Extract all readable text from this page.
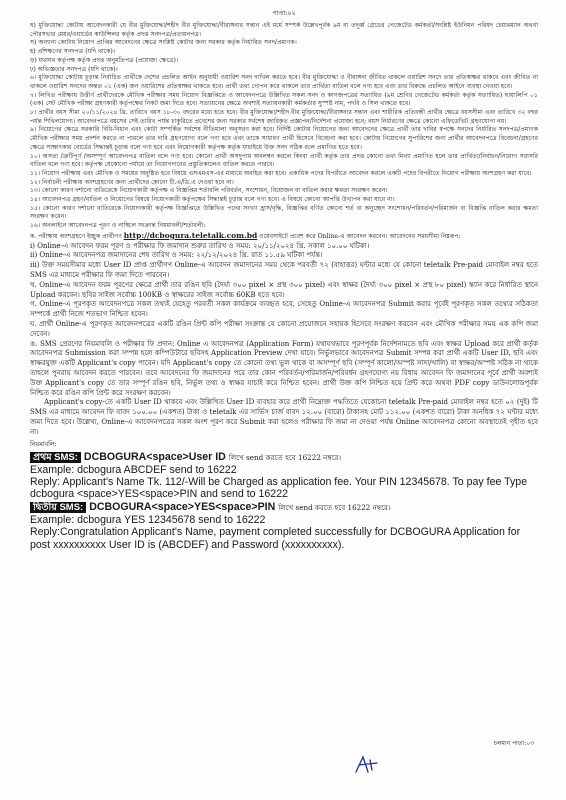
পাতা:০২

ষ) মুক্তিযোদ্ধা কোটায় আবেদনকারী যে বীর মুক্তিযোদ্ধা/শহীদ বীর মুক্তিযোদ্ধা/বীরাঙ্গনার সন্তান এই মর্মে সম্পর্ক উল্লেখপূর্বক ৯ম বা তদূর্ধ্ব গ্রেডের গেজেটেড কর্মকর্তা/সংশ্লিষ্ট ইউনিয়ন পরিষদ চেয়ারম্যান অথবা পৌরসভার মেয়র/ওয়ার্ডের কাউন্সিলর কর্তৃক প্রদত্ত সনদপত্র/প্রত্যয়নপত্র।

স) অন্যান্য কোটায় নিয়োগ প্রাপ্তির আবেদনের ক্ষেত্রে সংশ্লিষ্ট কোটার জন্য সরকার কর্তৃক নির্ধারিত সনদ/প্রমাণক।

হ) প্রশিক্ষণের সনদপত্র (যদি থাকে)।

ড়) যথাযথ কর্তৃপক্ষ কর্তৃক প্রদত্ত অনুমতিপত্র (প্রযোজ্য ক্ষেত্রে)।

ঢ়) অভিজ্ঞতার সনদপত্র (যদি থাকে)।

৬। মুক্তিযোদ্ধা কোটায় চূড়ান্ত নির্বাচিত প্রার্থীকে দেশের প্রচলিত আইন অনুযায়ী ওয়ারিশ সনদ দাখিল করতে হবে। বীর মুক্তিযোদ্ধা ও বীরাঙ্গনা জীবিত থাকলে ওয়ারিশ সনদে তার প্রতিস্বাক্ষর থাকবে এবং জীবিত না থাকলে ওয়ারিশ সনদের অন্তত ০১ (এক) জন ওয়ারিশের প্রতিস্বাক্ষর থাকতে হবে। প্রার্থী তথ্য গোপন করে থাকলে তার প্রার্থিতা বাতিল বলে গণ্য হবে এবং তার বিরুদ্ধে প্রচলিত আইনে ব্যবস্থা নেওয়া হবে।

৭। লিখিত পরীক্ষায় উত্তীর্ণ প্রার্থীদেরকে মৌখিক পরীক্ষার সময় নিয়োগ বিজ্ঞপ্তিতে ও আবেদনপত্রে উল্লিখিত সকল সনদ ও কাগজপত্রের সত্যায়িত (৯ম শ্রেণির গেজেটেড কর্মকর্তা কর্তৃক সত্যায়িত) ছায়ালিপি ০১ (এক) সেট মৌখিক পরীক্ষা গ্রহণকারী কর্তৃপক্ষের নিকট জমা দিতে হবে। সত্যায়নের ক্ষেত্রে অবশ্যই সত্যায়নকারী কর্মকর্তার সুস্পষ্ট নাম, পদবি ও সিল থাকতে হবে।

৮। প্রার্থীর বয়স সীমা ২০/১১/২০২৪ খ্রি. তারিখে বয়স ১৮-৩০ বছরের মধ্যে হতে হবে। বীর মুক্তিযোদ্ধা/শহীদ বীর মুক্তিযোদ্ধা/বীরাঙ্গনার সন্তান এবং শারীরিক প্রতিবন্ধী প্রার্থীর ক্ষেত্রে বয়সসীমা এবং তারিখে ৩২ বছর পর্যন্ত শিথিলযোগ্য। আবেদনপত্রে বয়সের সেই তারিখ পর্যন্ত চাকুরিতে প্রবেশের জন্য সরকার সর্বশেষ জারিকৃত প্রজ্ঞাপন/নির্দেশনা প্রযোজ্য হবে; বয়স নির্ধারণের ক্ষেত্রে কোনো এফিডেভিট গ্রহণযোগ্য নয়।

৯। নিয়োগের ক্ষেত্রে সরকারি বিধি-বিধান এবং কোটা সম্পর্কিত সর্বশেষ নীতিমালা অনুসরণ করা হবে। নির্দিষ্ট কোটায় নিয়োগের জন্য আবেদনের ক্ষেত্রে প্রার্থী তার দাবির স্বপক্ষে সনদের নির্ধারিত সনদপত্র/প্রমাণক মৌখিক পরীক্ষার সময় প্রদর্শন করতে না পারলে তার দাবি গ্রহণযোগ্য বলে গণ্য হবে এবং তাকে সাধারণ প্রার্থী হিসেবে বিবেচনা করা হবে। কোটায় নিয়োগের সুপারিশের জন্য প্রার্থীর আবেদনপত্রে বিবেচনা/গ্রহণের ক্ষেত্রে সাক্ষাৎকার বোর্ডের সিদ্ধান্তই চূড়ান্ত বলে গণ্য হবে এবং নিয়োগকারী কর্তৃপক্ষ কর্তৃক যাচাইয়ে উক্ত সনদ সঠিক বলে প্রমাণিত হতে হবে।

১০। অসত্য /ত্রুটিপূর্ণ /অসম্পূর্ণ আবেদনপত্র বাতিল বলে গণ্য হবে। কোনো প্রার্থী অসদুপায় অবলম্বন করলে কিংবা প্রার্থী কর্তৃক তার প্রদত্ত কোনো তথ্য মিথ্যা প্রমাণিত হলে তার প্রার্থিতা/নির্বাচন/নিয়োগ সরাসরি বাতিল বলে গণ্য হবে। কর্তৃপক্ষ যেকোনো পর্যায়ে তা নিয়োগদানের প্রস্তুতিকালেও বাতিল করতে পারবে।

১১। নিয়োগ পরীক্ষায় এবং মৌখিক ও সময়ের অনুষ্ঠিত হবে বিষয়ে এসএমএস-এর মাধ্যমে অবহিত করা হবে। একাধিক পদের বিপরীতে আবেদন করলে একটি পদের বিপরীতে নিয়োগ পরীক্ষায় অংশগ্রহণ করা যাবে।

১২। নির্বাচনী পরীক্ষায় অংশগ্রহণের জন্য প্রার্থীদের কোনো টি.এ/ডি.এ দেওয়া হবে না।

১৩। কোনো কারণ দর্শানো ব্যতিরেকে নিয়োগকারী কর্তৃপক্ষ এ বিজ্ঞপ্তির শর্তাবলি পরিবর্তন, সংশোধন, বিয়োজন বা বাতিল করার ক্ষমতা সংরক্ষণ করেন।

১৪। আবেদনপত্র গ্রহণ/বাতিল ও নিয়োগের বিষয়ে নিয়োগকারী কর্তৃপক্ষের সিদ্ধান্তই চূড়ান্ত বলে গণ্য হবে। এ বিষয়ে কোনো আপত্তি উত্থাপন করা যাবে না।

১৫। কোনো কারণ দর্শানো ব্যতিরেকে নিয়োগকারী কর্তৃপক্ষ বিজ্ঞপ্তিতে উল্লিখিত পদের সংখ্যা হ্রাস/বৃদ্ধি, বিজ্ঞপ্তির বর্ণিত কোনো শর্ত বা অনুচ্ছেদ সংশোধন/পরিবর্তন/পরিমার্জন বা বিজ্ঞপ্তি বাতিল করার ক্ষমতা সংরক্ষণ করেন।

১৬। অনলাইনে আবেদনপত্র পূরণ ও নাম্বিলে সংক্রান্ত নিয়মাবলী/শর্তাবলী:

ক. পরীক্ষায় অংশগ্রহণে ইচ্ছুক প্রার্থীগণ http://dcbogura.teletalk.com.bd ওয়েবসাইটে প্রবেশ করে Online-এ আবেদন করবেন। আবেদনের সময়সীমা নিম্নরূপ:

i) Online-এ আবেদন ফরম পূরণ ও পরীক্ষার ফি জমাদান শুরুর তারিখ ও সময়: ২০/১১/২০২৪ খ্রি. সকাল ১০.০০ ঘটিকা।

ii) Online-এ আবেদনপত্র জমাদানের শেষ তারিখ ও সময়: ২২/১২/২০২৪ খ্রি. রাত ১১.৫৯ ঘটিকা পর্যন্ত।

iii) উক্ত সময়সীমার মধ্যে User ID প্রাপ্ত প্রার্থীগণ Online-এ আবেদন জমাদানের সময় থেকে পরবর্তী ৭২ (বাহাত্তর) ঘন্টার মধ্যে যে কোনো teletalk Pre-paid মোবাইল নম্বর হতে SMS এর মাধ্যমে পরীক্ষার ফি জমা দিতে পারবেন।

খ. Online-এ আবেদন ফরম পূরণের ক্ষেত্রে প্রার্থী তার রঙিন ছবি (দৈর্ঘ্য ৩০০ pixel × প্রস্থ ৩০০ pixel) এবং স্বাক্ষর (দৈর্ঘ্য ৩০০ pixel × প্রস্থ ৮০ pixel) স্ক্যান করে নির্ধারিত স্থানে Upload করবেন। ছবির সাইজ সর্বোচ্চ 100KB ও স্বাক্ষরের সাইজ সর্বোচ্চ 60KB হতে হবে।

গ. Online-এ পূরণকৃত আবেদনপত্রে সকল তথ্যই যেহেতু পরবর্তী সকল কার্যক্রমে ব্যবহৃত হবে, সেহেতু Online-এ আবেদনপত্র Submit করার পূর্বেই পূরণকৃত সকল তথ্যের সঠিকতা সম্পর্কে প্রার্থী নিজে শতভাগ নিশ্চিত হবেন।

ঘ. প্রার্থী Online-এ পূরণকৃত আবেদনপত্রের একটি রঙিন প্রিন্ট কপি পরীক্ষা সংক্রান্ত যে কোনো প্রয়োজনে সহায়ক হিসেবে সংরক্ষণ করবেন এবং মৌখিক পরীক্ষার সময় এক কপি জমা দেবেন।

ঙ. SMS প্রেরণের নিয়মাবলি ও পরীক্ষার ফি প্রদান: Online এ আবেদনপত্র (Application Form) যথাযথভাবে পূরণপূর্বক নির্দেশনামতে ছবি এবং স্বাক্ষর Upload করে প্রার্থী কর্তৃক আবেদনপত্র Submission করা সম্পন্ন হলে কম্পিউটারে ছবিসহ Application Preview দেখা যাবে। নির্ভুলভাবে আবেদনপত্র Submit সম্পন্ন করা প্রার্থী একটি User ID, ছবি এবং স্বাক্ষরযুক্ত একটি Applicant's copy পাবেন। যদি Applicant's copy তে কোনো তথ্য ভুল থাকে বা অসম্পূর্ণ ছবি (সম্পূর্ণ কালো/অস্পষ্ট সাদা/খালি) বা স্বাক্ষর/অস্পষ্ট সঠিক না থাকে তাহলে পুনরায় আবেদন করতে পারবেন। তবে আবেদনের ফি জমাদানের পরে তার কোন পরিবর্তন/পরিমার্জন/পরিবর্ধন গ্রহণযোগ্য নয় বিধায় আবেদন ফি জমাদানের পূর্বে প্রার্থী অবশ্যই উক্ত Applicant's copy তে তার সম্পূর্ণ রঙিন ছবি, নির্ভুল তথ্য ও স্বাক্ষর যাচাই করে নিশ্চিত হবেন। প্রার্থী উক্ত কপি নিশ্চিত হয়ে প্রিন্ট করে অথবা PDF copy ডাউনলোডপূর্বক নিশ্চিত করে রঙিন কপি প্রিন্ট করে সংরক্ষণ করবেন।

Applicant's copy-তে একটি User ID থাকবে এবং উল্লিখিত User ID ব্যবহার করে প্রার্থী নিম্নোক্ত পদ্ধতিতে যেকোনো teletalk Pre-paid মোবাইল নম্বর হতে ০২ (দুই) টি SMS এর মাধ্যমে আবেদন ফি বাবদ ১০০.০০ (একশত) টাকা ও teletalk এর সার্ভিস চার্জ বাবদ ১২.০০ (বারো) টাকাসহ মোট ১১২.০০ (একশত বারো) টাকা অনধিক ৭২ ঘন্টার মধ্যে জমা দিতে হবে। উল্লেখ্য, Online-এ আবেদনপত্রের সকল অংশ পূরণ করে Submit করা হলেও পরীক্ষার ফি জমা না দেওয়া পর্যন্ত Online আবেদনপত্র কোনো অবস্থাতেই গৃহীত হবে না।

নিয়মাবলি:
প্রথম SMS: DCBOGURA<space>User ID লিখে send করতে হবে 16222 নম্বরে।
Example: dcbogura ABCDEF send to 16222
Reply: Applicant's Name Tk. 112/-Will be Charged as application fee. Your PIN 12345678. To pay fee Type dcbogura <space>YES<space>PIN and send to 16222
দ্বিতীয় SMS: DCBOGURA<space>YES<space>PIN লিখে send করতে হবে 16222 নম্বরে।
Example: dcbogura YES 12345678 send to 16222
Reply:Congratulation Applicant's Name, payment completed successfully for DCBOGURA Application for post xxxxxxxxxx User ID is (ABCDEF) and Password (xxxxxxxxxx).
চলমান পাতা:০৩
